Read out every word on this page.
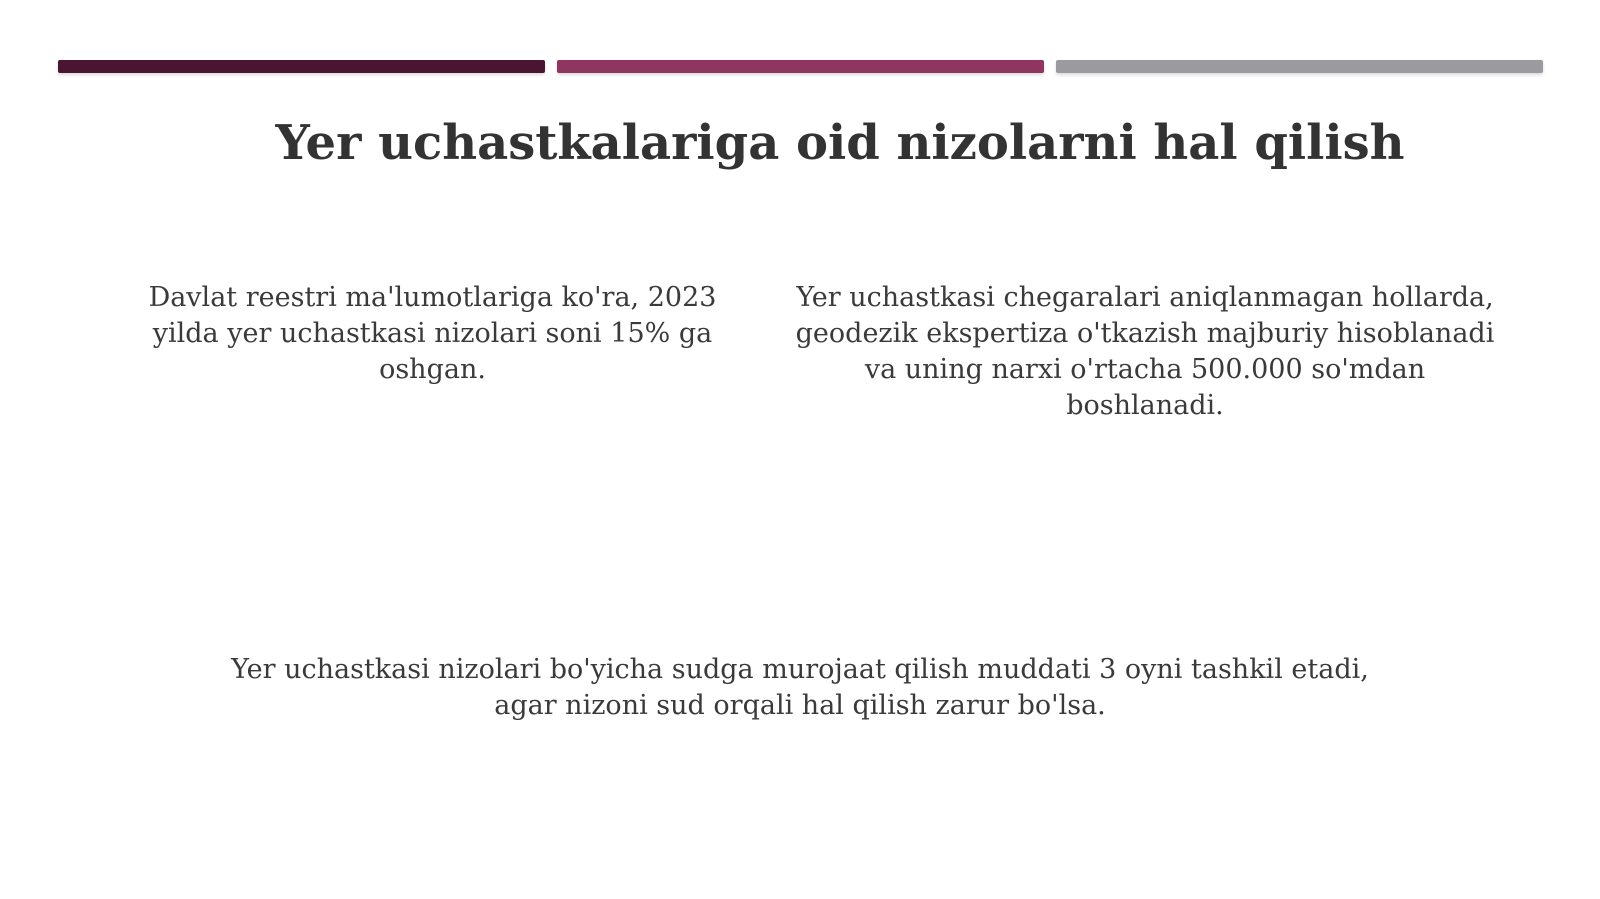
Yer uchastkalariga oid nizolarni hal qilish

Davlat reestri ma'lumotlariga ko'ra, 2023 yilda yer uchastkasi nizolari soni 15% ga oshgan.

Yer uchastkasi chegaralari aniqlanmagan hollarda, geodezik ekspertiza o'tkazish majburiy hisoblanadi va uning narxi o'rtacha 500.000 so'mdan boshlanadi.

Yer uchastkasi nizolari bo'yicha sudga murojaat qilish muddati 3 oyni tashkil etadi, agar nizoni sud orqali hal qilish zarur bo'lsa.
